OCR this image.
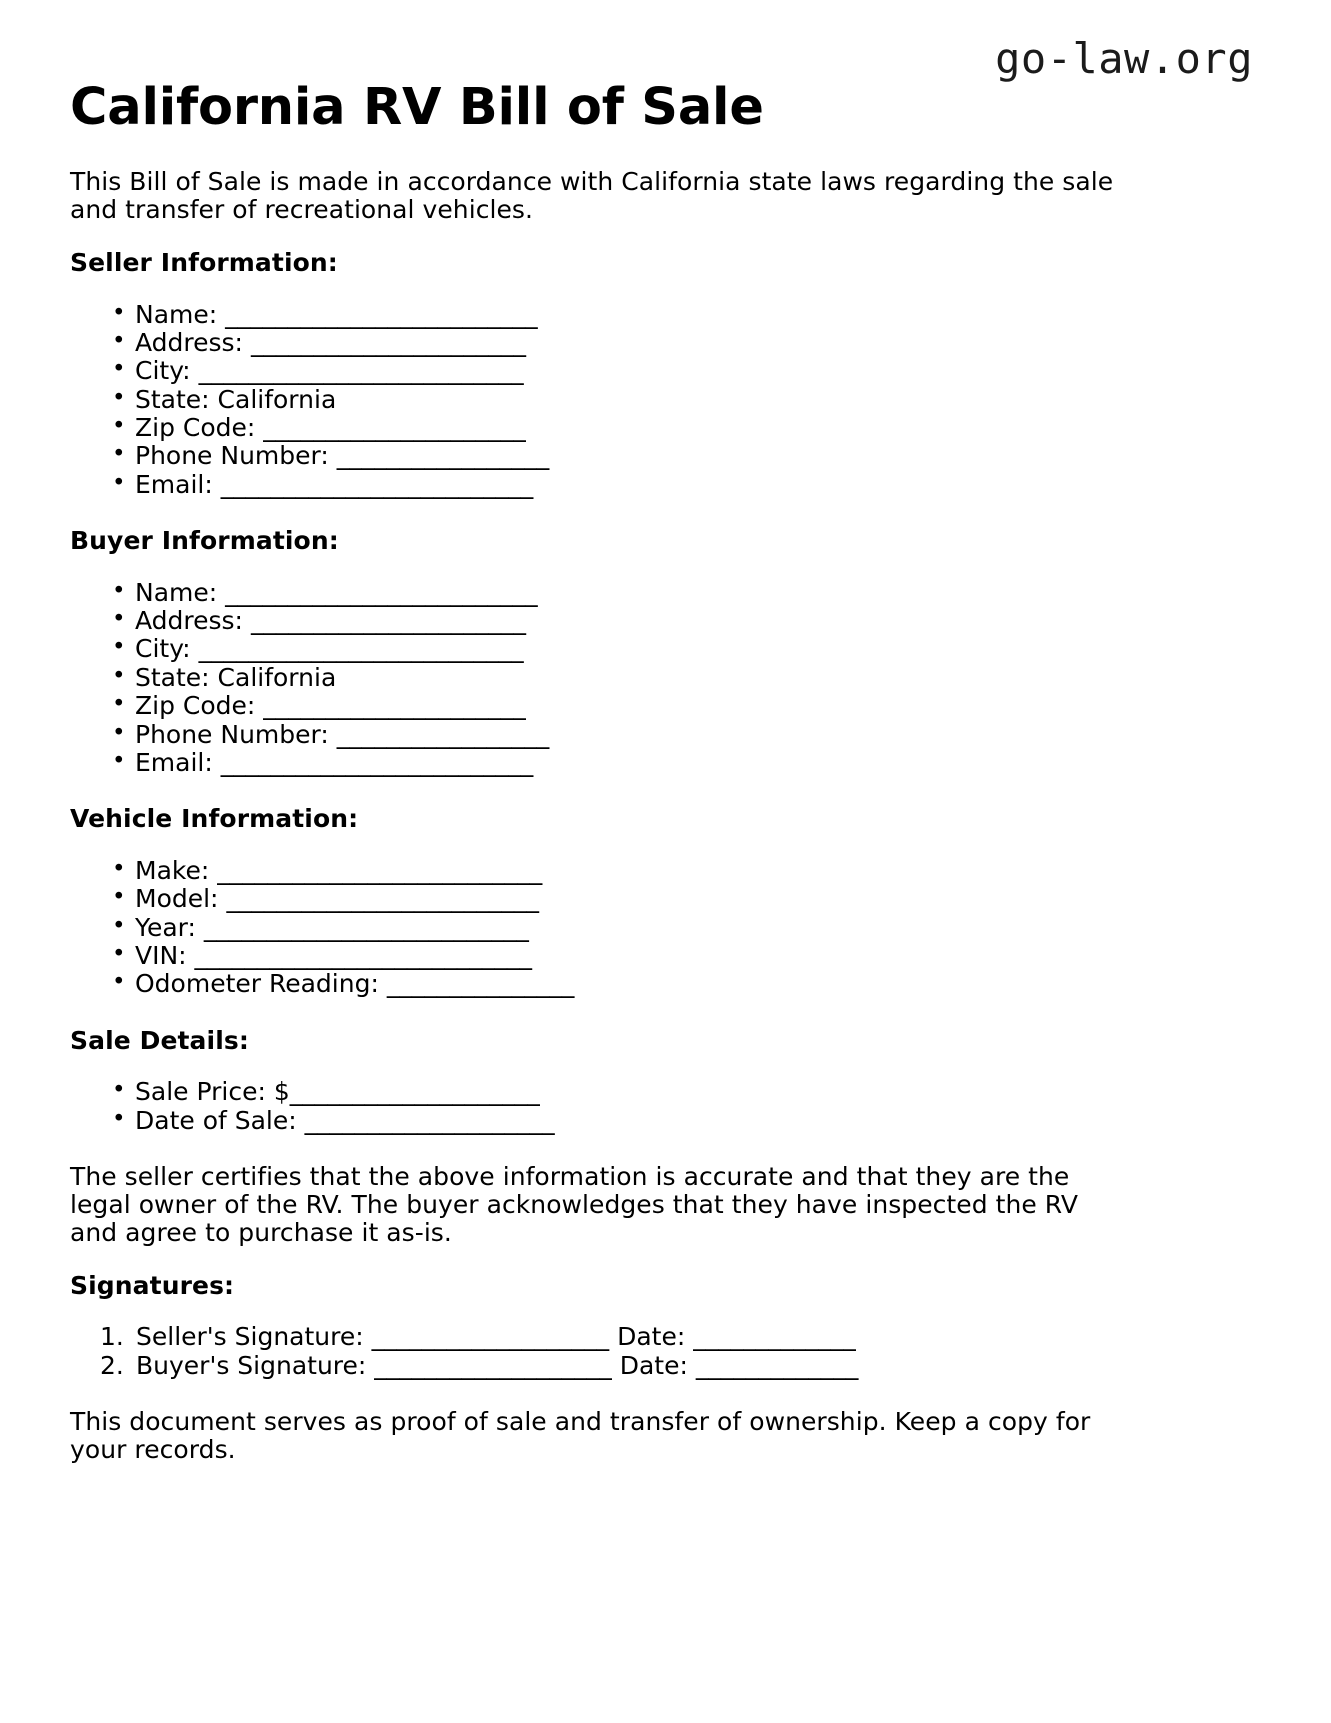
go-law.org
California RV Bill of Sale

This Bill of Sale is made in accordance with California state laws regarding the sale and transfer of recreational vehicles.

Seller Information:
• Name: _________________________
• Address: ______________________
• City: __________________________
• State: California
• Zip Code: _____________________
• Phone Number: _________________
• Email: _________________________
Buyer Information:
• Name: _________________________
• Address: ______________________
• City: __________________________
• State: California
• Zip Code: _____________________
• Phone Number: _________________
• Email: _________________________
Vehicle Information:
• Make: __________________________
• Model: _________________________
• Year: __________________________
• VIN: ___________________________
• Odometer Reading: _______________
Sale Details:
• Sale Price: $____________________
• Date of Sale: ____________________

The seller certifies that the above information is accurate and that they are the legal owner of the RV. The buyer acknowledges that they have inspected the RV and agree to purchase it as-is.

Signatures:
Seller's Signature: ___________________ Date: _____________
Buyer's Signature: ___________________ Date: _____________

This document serves as proof of sale and transfer of ownership. Keep a copy for your records.
